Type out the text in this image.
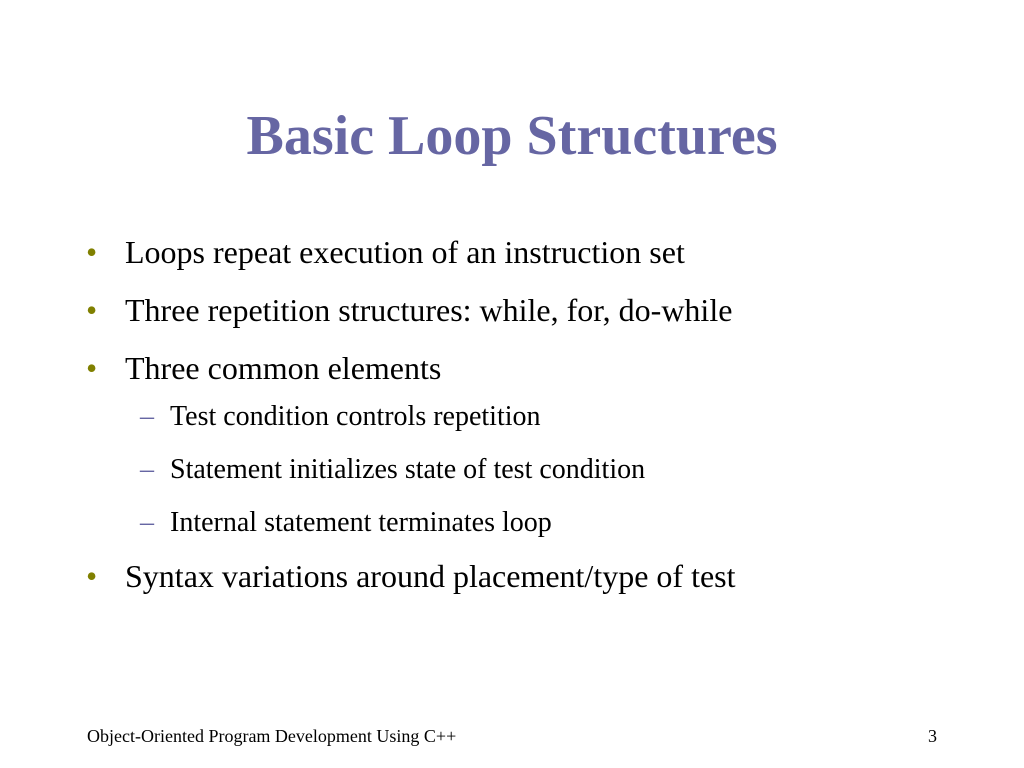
Basic Loop Structures
• Loops repeat execution of an instruction set
• Three repetition structures: while, for, do-while
• Three common elements
– Test condition controls repetition
– Statement initializes state of test condition
– Internal statement terminates loop
• Syntax variations around placement/type of test
Object-Oriented Program Development Using C++	3
